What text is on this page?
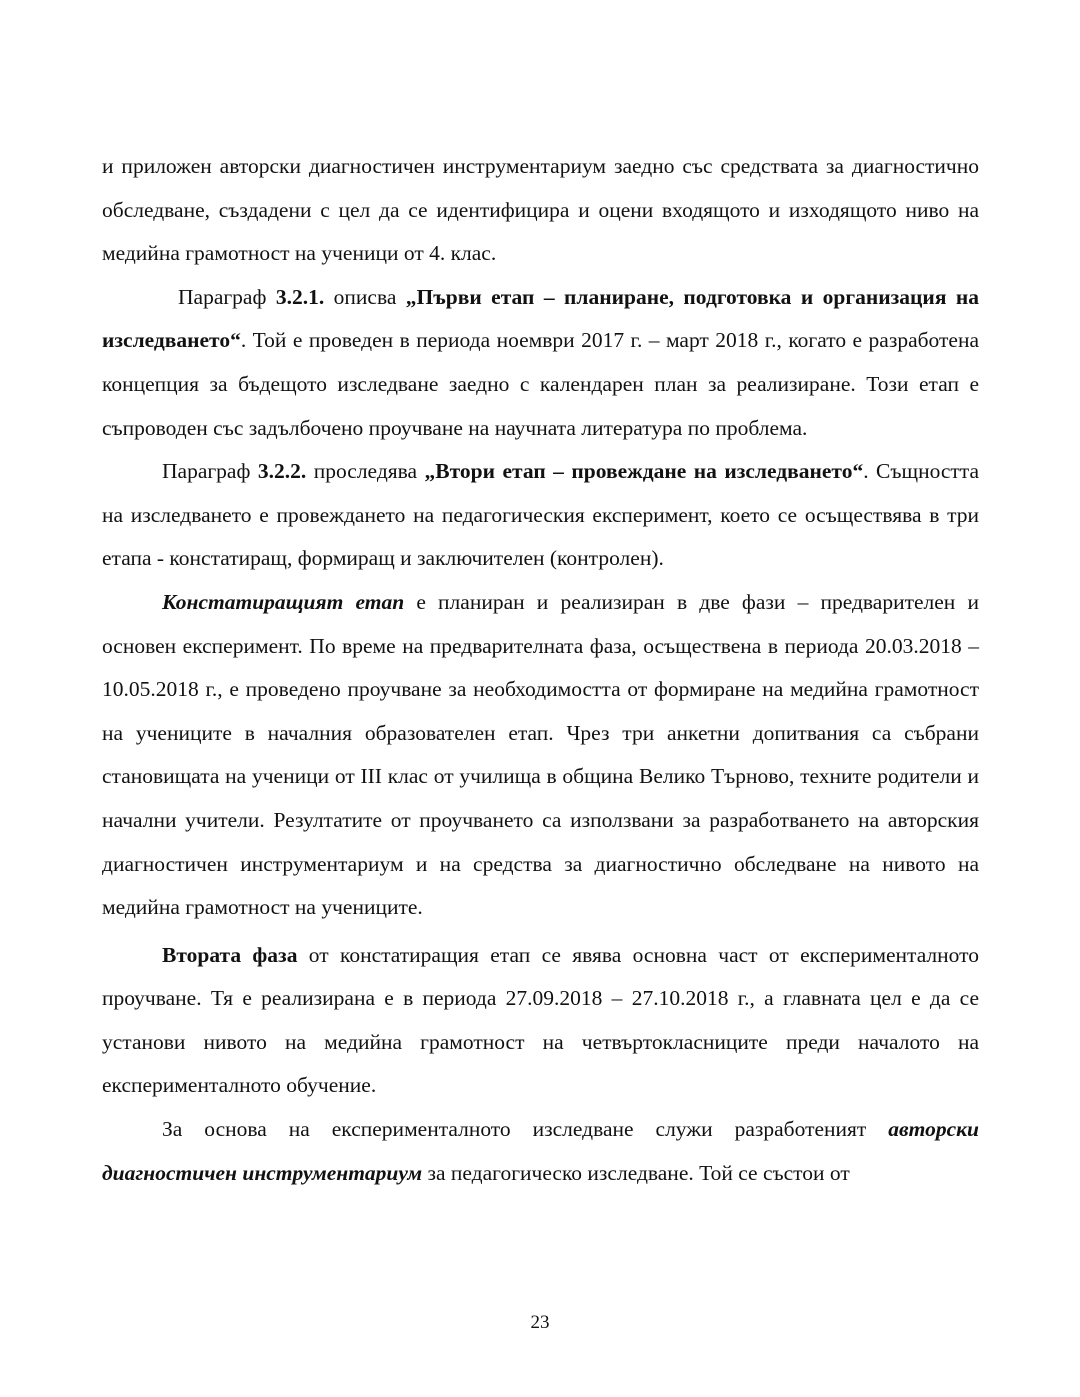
и приложен авторски диагностичен инструментариум заедно със средствата за диагностично обследване, създадени с цел да се идентифицира и оцени входящото и изходящото ниво на медийна грамотност на ученици от 4. клас.

Параграф 3.2.1. описва „Първи етап – планиране, подготовка и организация на изследването“. Той е проведен в периода ноември 2017 г. – март 2018 г., когато е разработена концепция за бъдещото изследване заедно с календарен план за реализиране. Този етап е съпроводен със задълбочено проучване на научната литература по проблема.

Параграф 3.2.2. проследява „Втори етап – провеждане на изследването“. Същността на изследването е провеждането на педагогическия експеримент, което се осъществява в три етапа - констатиращ, формиращ и заключителен (контролен).

Констатиращият етап е планиран и реализиран в две фази – предварителен и основен експеримент. По време на предварителната фаза, осъществена в периода 20.03.2018 – 10.05.2018 г., е проведено проучване за необходимостта от формиране на медийна грамотност на учениците в началния образователен етап. Чрез три анкетни допитвания са събрани становищата на ученици от III клас от училища в община Велико Търново, техните родители и начални учители. Резултатите от проучването са използвани за разработването на авторския диагностичен инструментариум и на средства за диагностично обследване на нивото на медийна грамотност на учениците.

Втората фаза от констатиращия етап се явява основна част от експерименталното проучване. Тя е реализирана е в периода 27.09.2018 – 27.10.2018 г., а главната цел е да се установи нивото на медийна грамотност на четвъртокласниците преди началото на експерименталното обучение.

За основа на експерименталното изследване служи разработеният авторски диагностичен инструментариум за педагогическо изследване. Той се състои от

23
